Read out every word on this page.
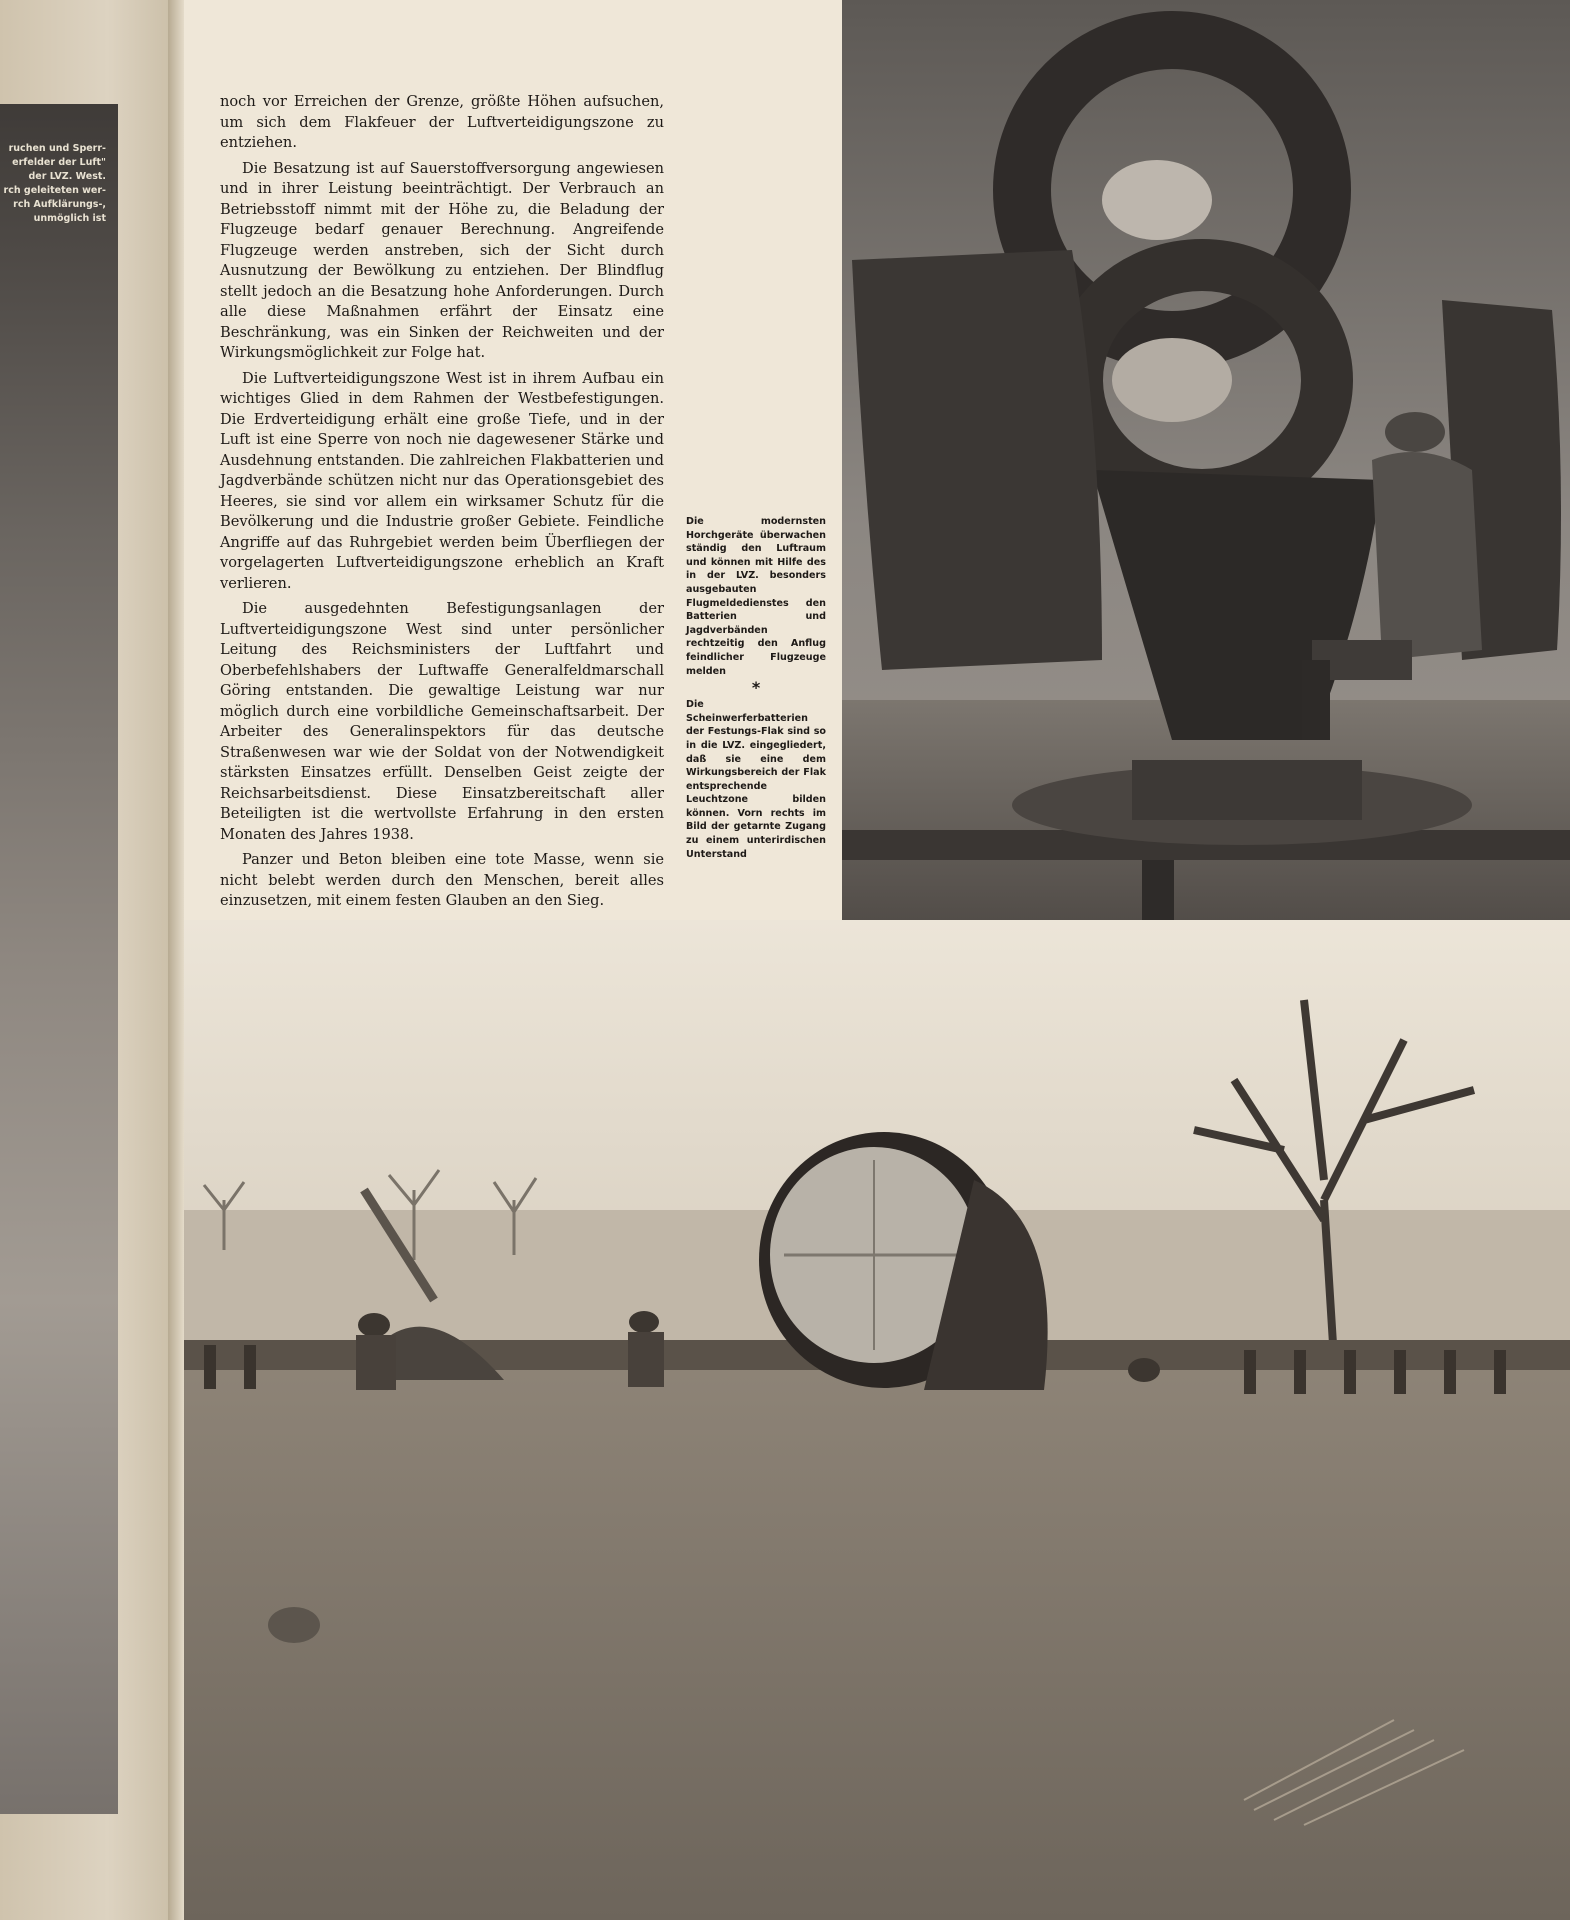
ruchen und Sperr-
erfelder der Luft"
der LVZ. West.
rch geleiteten wer-
rch Aufklärungs-,
unmöglich ist

noch vor Erreichen der Grenze, größte Höhen aufsuchen, um sich dem Flakfeuer der Luftverteidigungszone zu entziehen.

Die Besatzung ist auf Sauerstoffversorgung angewiesen und in ihrer Leistung beeinträchtigt. Der Verbrauch an Betriebsstoff nimmt mit der Höhe zu, die Beladung der Flugzeuge bedarf genauer Berechnung. Angreifende Flugzeuge werden anstreben, sich der Sicht durch Ausnutzung der Bewölkung zu entziehen. Der Blindflug stellt jedoch an die Besatzung hohe Anforderungen. Durch alle diese Maßnahmen erfährt der Einsatz eine Beschränkung, was ein Sinken der Reichweiten und der Wirkungsmöglichkeit zur Folge hat.

Die Luftverteidigungszone West ist in ihrem Aufbau ein wichtiges Glied in dem Rahmen der Westbefestigungen. Die Erdverteidigung erhält eine große Tiefe, und in der Luft ist eine Sperre von noch nie dagewesener Stärke und Ausdehnung entstanden. Die zahlreichen Flakbatterien und Jagdverbände schützen nicht nur das Operationsgebiet des Heeres, sie sind vor allem ein wirksamer Schutz für die Bevölkerung und die Industrie großer Gebiete. Feindliche Angriffe auf das Ruhrgebiet werden beim Überfliegen der vorgelagerten Luftverteidigungszone erheblich an Kraft verlieren.

Die ausgedehnten Befestigungsanlagen der Luftverteidigungszone West sind unter persönlicher Leitung des Reichsministers der Luftfahrt und Oberbefehlshabers der Luftwaffe Generalfeldmarschall Göring entstanden. Die gewaltige Leistung war nur möglich durch eine vorbildliche Gemeinschaftsarbeit. Der Arbeiter des Generalinspektors für das deutsche Straßenwesen war wie der Soldat von der Notwendigkeit stärksten Einsatzes erfüllt. Denselben Geist zeigte der Reichsarbeitsdienst. Diese Einsatzbereitschaft aller Beteiligten ist die wertvollste Erfahrung in den ersten Monaten des Jahres 1938.

Panzer und Beton bleiben eine tote Masse, wenn sie nicht belebt werden durch den Menschen, bereit alles einzusetzen, mit einem festen Glauben an den Sieg.

Die modernsten Horchgeräte überwachen ständig den Luftraum und können mit Hilfe des in der LVZ. besonders ausgebauten Flugmeldedienstes den Batterien und Jagdverbänden rechtzeitig den Anflug feindlicher Flugzeuge melden
*
Die Scheinwerferbatterien der Festungs-Flak sind so in die LVZ. eingegliedert, daß sie eine dem Wirkungsbereich der Flak entsprechende Leuchtzone bilden können. Vorn rechts im Bild der getarnte Zugang zu einem unterirdischen Unterstand
